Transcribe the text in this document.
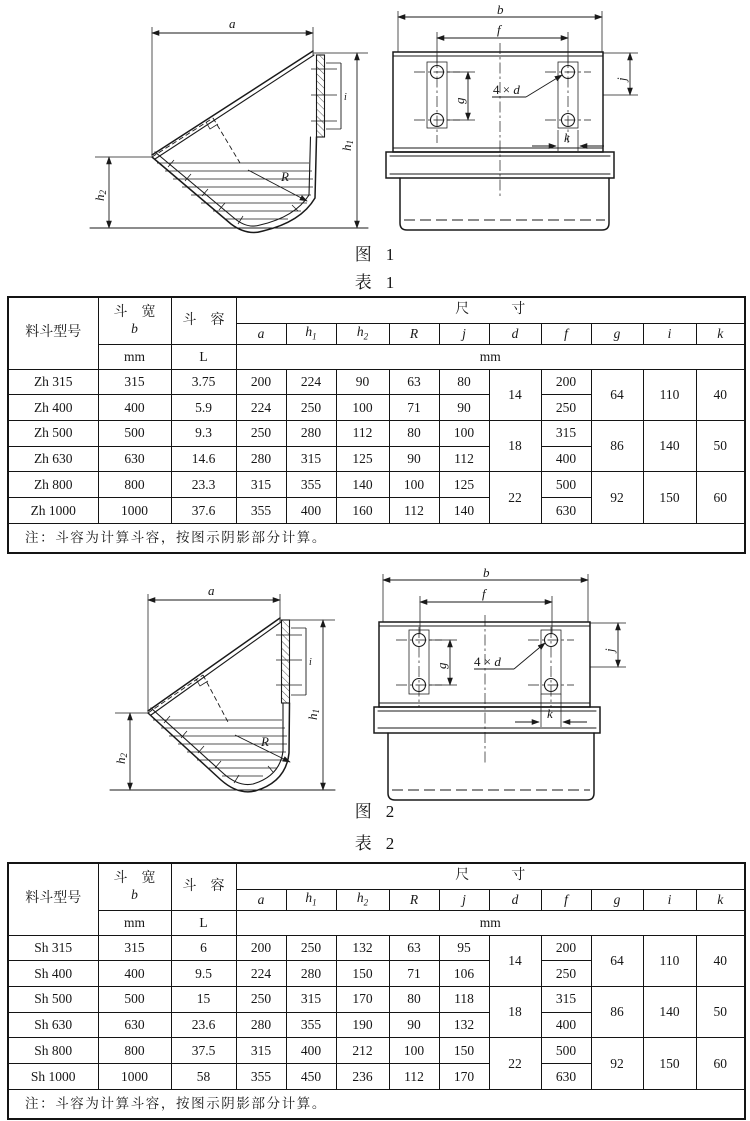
a
h1
h2
i
R
b
f
g
4 × d
j
k
图 1
表 1
料斗型号	斗　宽
b	斗　容	尺　　　寸									
			a	$h_1$	$h_2$	R	j	d	f	g	i	k
	mm	L	mm									
Zh 315	315	3.75	200	224	90	63	80	14	200	64	110	40
Zh 400	400	5.9	224	250	100	71	90		250			
Zh 500	500	9.3	250	280	112	80	100	18	315	86	140	50
Zh 630	630	14.6	280	315	125	90	112		400			
Zh 800	800	23.3	315	355	140	100	125	22	500	92	150	60
Zh 1000	1000	37.6	355	400	160	112	140		630			
注：斗容为计算斗容，按图示阴影部分计算。												
a
h1
h2
i
R
b
f
g 4 × d
j
k
图 2
表 2
料斗型号	斗　宽
b	斗　容	尺　　　寸									
			a	$h_1$	$h_2$	R	j	d	f	g	i	k
	mm	L	mm									
Sh 315	315	6	200	250	132	63	95	14	200	64	110	40
Sh 400	400	9.5	224	280	150	71	106		250			
Sh 500	500	15	250	315	170	80	118	18	315	86	140	50
Sh 630	630	23.6	280	355	190	90	132		400			
Sh 800	800	37.5	315	400	212	100	150	22	500	92	150	60
Sh 1000	1000	58	355	450	236	112	170		630			
注：斗容为计算斗容，按图示阴影部分计算。												
